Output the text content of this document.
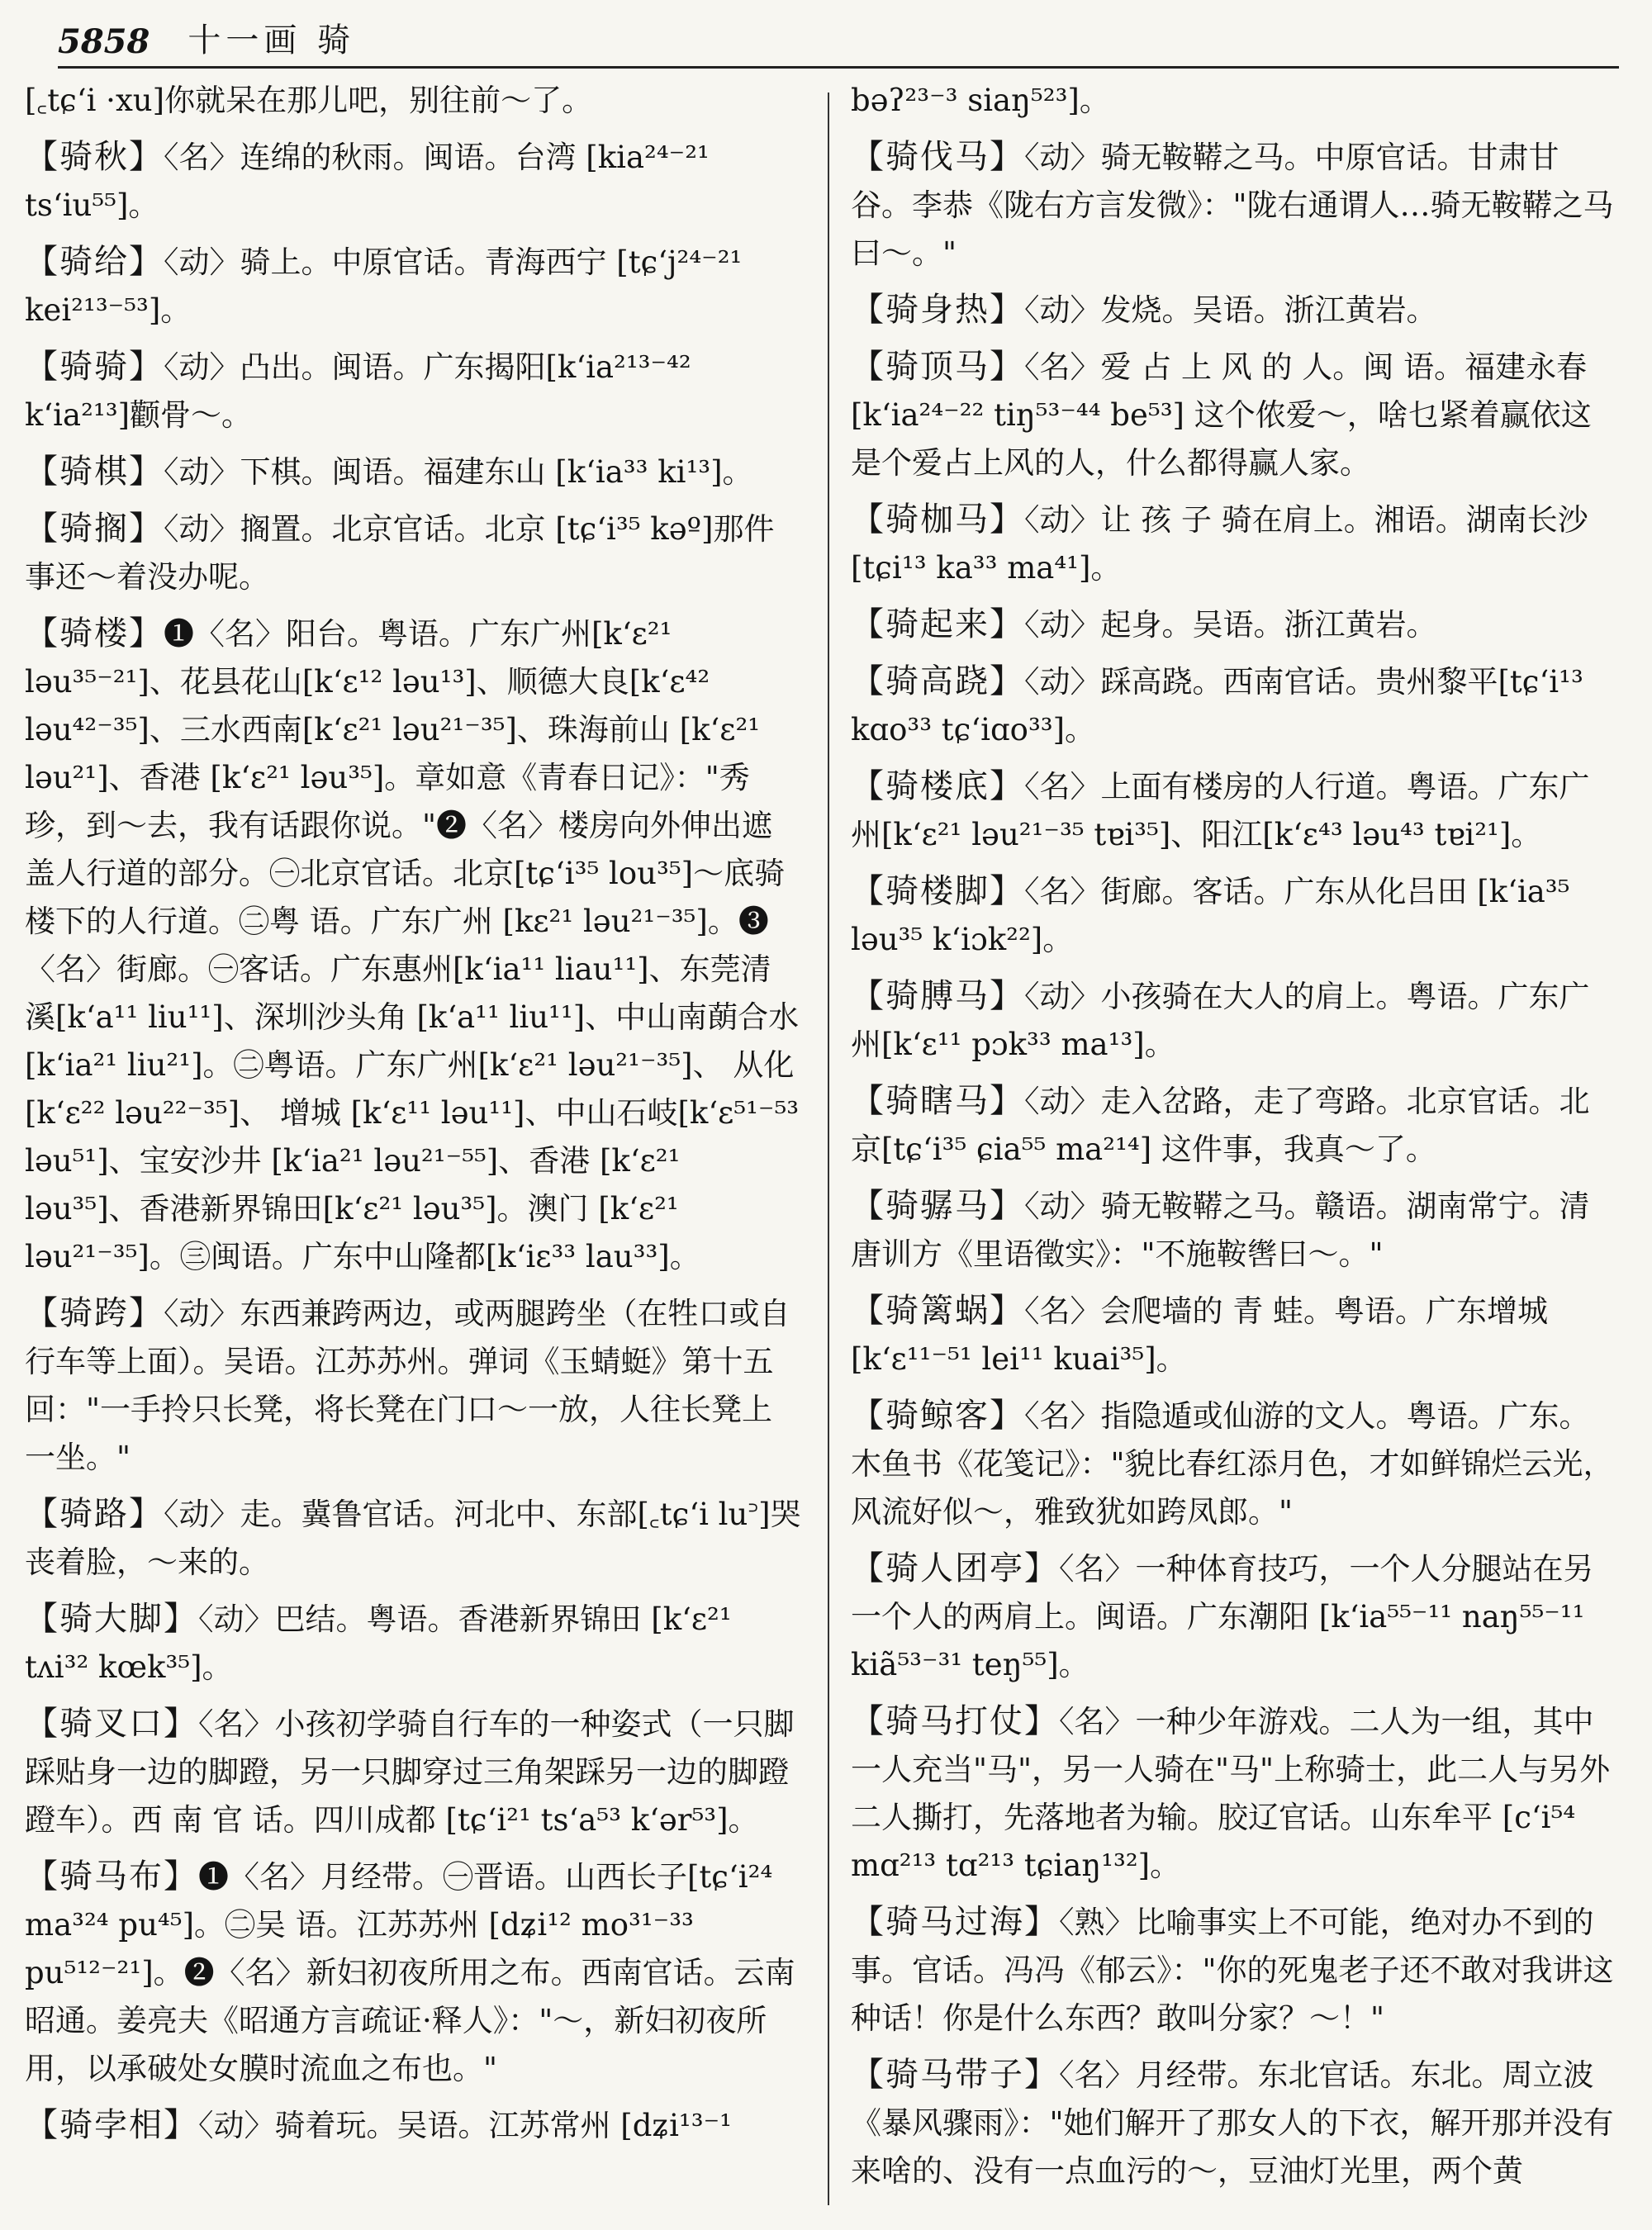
5858 十一画 骑

[꜀tɕʻi ·xu]你就呆在那儿吧，别往前～了。

【骑秋】〈名〉连绵的秋雨。闽语。台湾 [kia²⁴⁻²¹ tsʻiu⁵⁵]。

【骑给】〈动〉骑上。中原官话。青海西宁 [tɕʻj²⁴⁻²¹ kei²¹³⁻⁵³]。

【骑骑】〈动〉凸出。闽语。广东揭阳[kʻia²¹³⁻⁴² kʻia²¹³]颧骨～。

【骑棋】〈动〉下棋。闽语。福建东山 [kʻia³³ ki¹³]。

【骑搁】〈动〉搁置。北京官话。北京 [tɕʻi³⁵ kəº]那件事还～着没办呢。

【骑楼】❶〈名〉阳台。粤语。广东广州[kʻɛ²¹ ləu³⁵⁻²¹]、花县花山[kʻɛ¹² ləu¹³]、顺德大良[kʻɛ⁴² ləu⁴²⁻³⁵]、三水西南[kʻɛ²¹ ləu²¹⁻³⁵]、珠海前山 [kʻɛ²¹ ləu²¹]、香港 [kʻɛ²¹ ləu³⁵]。章如意《青春日记》："秀珍，到～去，我有话跟你说。"❷〈名〉楼房向外伸出遮盖人行道的部分。㊀北京官话。北京[tɕʻi³⁵ lou³⁵]～底骑楼下的人行道。㊁粤 语。广东广州 [kɛ²¹ ləu²¹⁻³⁵]。❸〈名〉街廊。㊀客话。广东惠州[kʻia¹¹ liau¹¹]、东莞清溪[kʻa¹¹ liu¹¹]、深圳沙头角 [kʻa¹¹ liu¹¹]、中山南蓢合水[kʻia²¹ liu²¹]。㊁粤语。广东广州[kʻɛ²¹ ləu²¹⁻³⁵]、 从化 [kʻɛ²² ləu²²⁻³⁵]、 增城 [kʻɛ¹¹ ləu¹¹]、中山石岐[kʻɛ⁵¹⁻⁵³ ləu⁵¹]、宝安沙井 [kʻia²¹ ləu²¹⁻⁵⁵]、香港 [kʻɛ²¹ ləu³⁵]、香港新界锦田[kʻɛ²¹ ləu³⁵]。澳门 [kʻɛ²¹ ləu²¹⁻³⁵]。㊂闽语。广东中山隆都[kʻiɛ³³ lau³³]。

【骑跨】〈动〉东西兼跨两边，或两腿跨坐（在牲口或自行车等上面）。吴语。江苏苏州。弹词《玉蜻蜓》第十五回："一手拎只长凳，将长凳在门口～一放，人往长凳上一坐。"

【骑路】〈动〉走。冀鲁官话。河北中、东部[꜀tɕʻi lu꜄]哭丧着脸，～来的。

【骑大脚】〈动〉巴结。粤语。香港新界锦田 [kʻɛ²¹ tʌi³² kœk³⁵]。

【骑叉口】〈名〉小孩初学骑自行车的一种姿式（一只脚踩贴身一边的脚蹬，另一只脚穿过三角架踩另一边的脚蹬蹬车）。西 南 官 话。四川成都 [tɕʻi²¹ tsʻa⁵³ kʻər⁵³]。

【骑马布】❶〈名〉月经带。㊀晋语。山西长子[tɕʻi²⁴ ma³²⁴ pu⁴⁵]。㊁吴 语。江苏苏州 [dʑi¹² mo³¹⁻³³ pu⁵¹²⁻²¹]。❷〈名〉新妇初夜所用之布。西南官话。云南昭通。姜亮夫《昭通方言疏证·释人》："～，新妇初夜所用，以承破处女膜时流血之布也。"

【骑孛相】〈动〉骑着玩。吴语。江苏常州 [dʑi¹³⁻¹

bəʔ²³⁻³ siaŋ⁵²³]。

【骑伐马】〈动〉骑无鞍鞯之马。中原官话。甘肃甘谷。李恭《陇右方言发微》："陇右通谓人…骑无鞍鞯之马曰～。"

【骑身热】〈动〉发烧。吴语。浙江黄岩。

【骑顶马】〈名〉爱 占 上 风 的 人。闽 语。福建永春[kʻia²⁴⁻²² tiŋ⁵³⁻⁴⁴ be⁵³] 这个侬爱～，啥乜紧着赢依这是个爱占上风的人，什么都得赢人家。

【骑枷马】〈动〉让 孩 子 骑在肩上。湘语。湖南长沙[tɕi¹³ ka³³ ma⁴¹]。

【骑起来】〈动〉起身。吴语。浙江黄岩。

【骑高跷】〈动〉踩高跷。西南官话。贵州黎平[tɕʻi¹³ kɑo³³ tɕʻiɑo³³]。

【骑楼底】〈名〉上面有楼房的人行道。粤语。广东广州[kʻɛ²¹ ləu²¹⁻³⁵ tɐi³⁵]、阳江[kʻɛ⁴³ ləu⁴³ tɐi²¹]。

【骑楼脚】〈名〉街廊。客话。广东从化吕田 [kʻia³⁵ ləu³⁵ kʻiɔk²²]。

【骑膊马】〈动〉小孩骑在大人的肩上。粤语。广东广州[kʻɛ¹¹ pɔk³³ ma¹³]。

【骑瞎马】〈动〉走入岔路，走了弯路。北京官话。北京[tɕʻi³⁵ ɕia⁵⁵ ma²¹⁴] 这件事，我真～了。

【骑骣马】〈动〉骑无鞍鞯之马。赣语。湖南常宁。清唐训方《里语徵实》："不施鞍辔曰～。"

【骑篱蜗】〈名〉会爬墙的 青 蛙。粤语。广东增城[kʻɛ¹¹⁻⁵¹ lei¹¹ kuai³⁵]。

【骑鲸客】〈名〉指隐遁或仙游的文人。粤语。广东。木鱼书《花笺记》："貌比春红添月色，才如鲜锦烂云光，风流好似～，雅致犹如跨凤郎。"

【骑人团亭】〈名〉一种体育技巧，一个人分腿站在另一个人的两肩上。闽语。广东潮阳 [kʻia⁵⁵⁻¹¹ naŋ⁵⁵⁻¹¹ kiã⁵³⁻³¹ teŋ⁵⁵]。

【骑马打仗】〈名〉一种少年游戏。二人为一组，其中一人充当"马"，另一人骑在"马"上称骑士，此二人与另外二人撕打，先落地者为输。胶辽官话。山东牟平 [cʻi⁵⁴ mɑ²¹³ tɑ²¹³ tɕiaŋ¹³²]。

【骑马过海】〈熟〉比喻事实上不可能，绝对办不到的事。官话。冯冯《郁云》："你的死鬼老子还不敢对我讲这种话！你是什么东西？敢叫分家？～！"

【骑马带子】〈名〉月经带。东北官话。东北。周立波《暴风骤雨》："她们解开了那女人的下衣，解开那并没有来啥的、没有一点血污的～，豆油灯光里，两个黄
